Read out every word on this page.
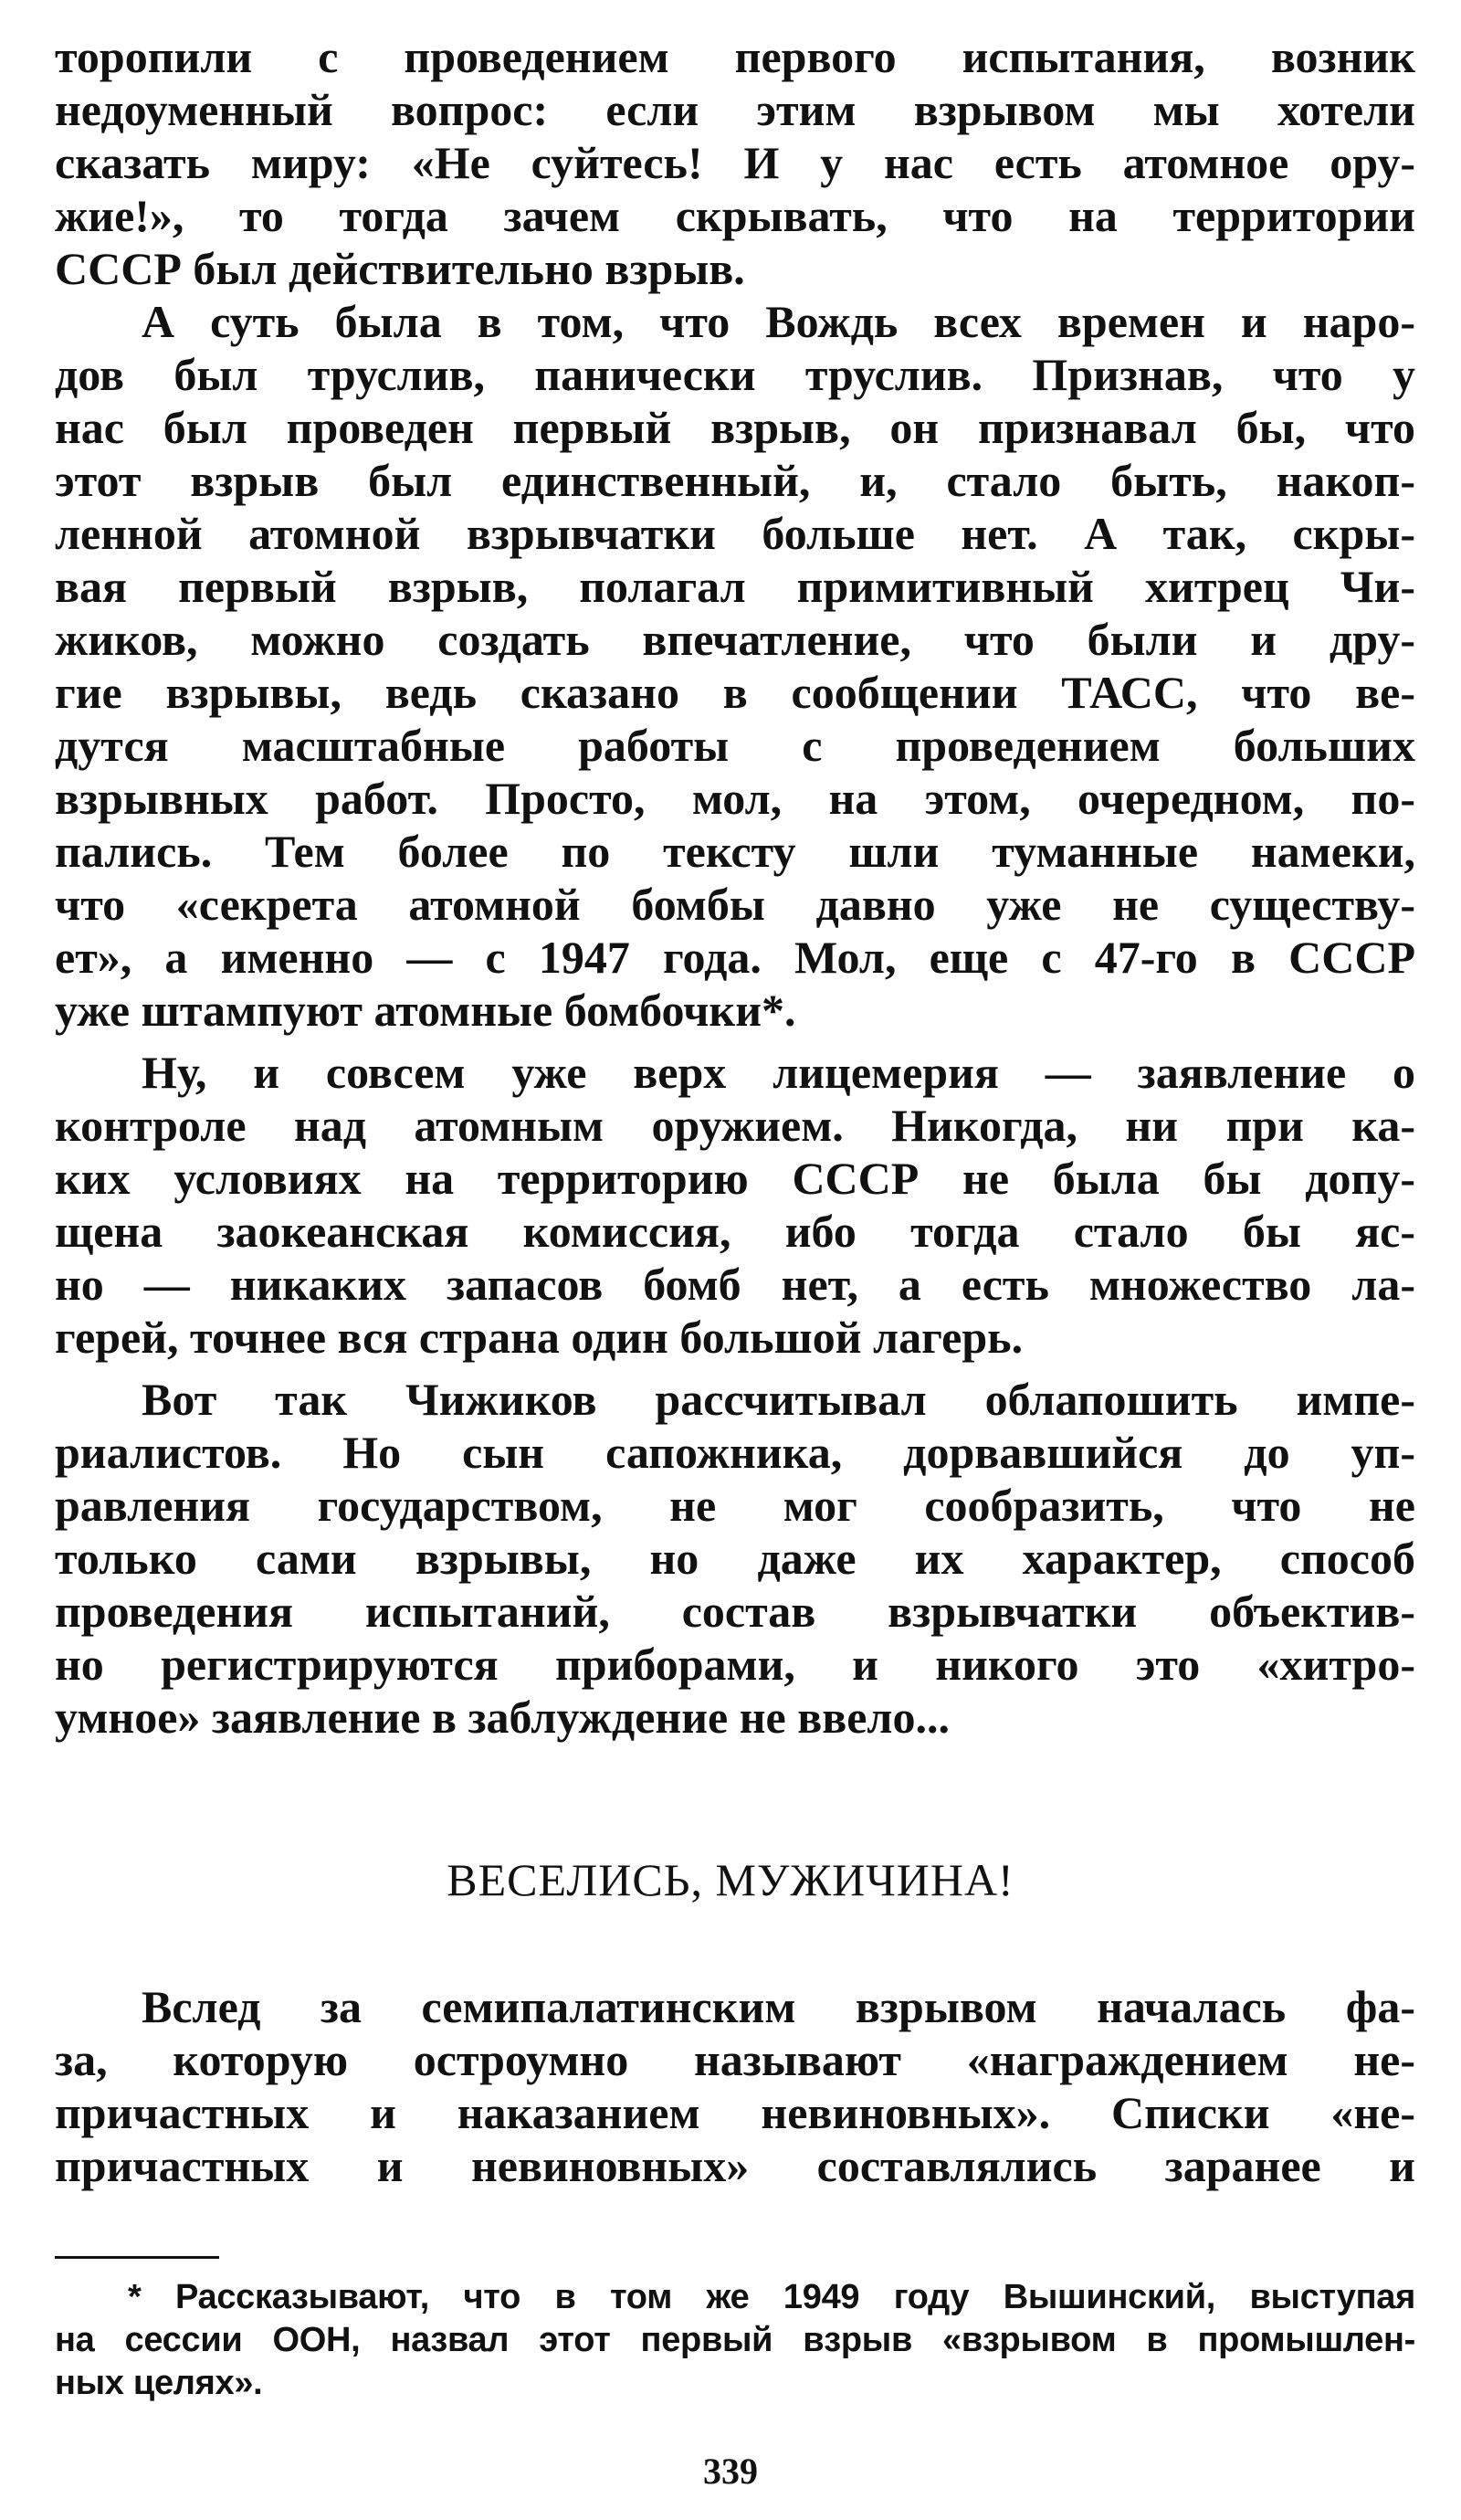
торопили с проведением первого испытания, возник
недоуменный вопрос: если этим взрывом мы хотели
сказать миру: «Не суйтесь! И у нас есть атомное ору-
жие!», то тогда зачем скрывать, что на территории
СССР был действительно взрыв.
А суть была в том, что Вождь всех времен и наро-
дов был труслив, панически труслив. Признав, что у
нас был проведен первый взрыв, он признавал бы, что
этот взрыв был единственный, и, стало быть, накоп-
ленной атомной взрывчатки больше нет. А так, скры-
вая первый взрыв, полагал примитивный хитрец Чи-
жиков, можно создать впечатление, что были и дру-
гие взрывы, ведь сказано в сообщении ТАСС, что ве-
дутся масштабные работы с проведением больших
взрывных работ. Просто, мол, на этом, очередном, по-
пались. Тем более по тексту шли туманные намеки,
что «секрета атомной бомбы давно уже не существу-
ет», а именно — с 1947 года. Мол, еще с 47-го в СССР
уже штампуют атомные бомбочки*.
Ну, и совсем уже верх лицемерия — заявление о
контроле над атомным оружием. Никогда, ни при ка-
ких условиях на территорию СССР не была бы допу-
щена заокеанская комиссия, ибо тогда стало бы яс-
но — никаких запасов бомб нет, а есть множество ла-
герей, точнее вся страна один большой лагерь.
Вот так Чижиков рассчитывал облапошить импе-
риалистов. Но сын сапожника, дорвавшийся до уп-
равления государством, не мог сообразить, что не
только сами взрывы, но даже их характер, способ
проведения испытаний, состав взрывчатки объектив-
но регистрируются приборами, и никого это «хитро-
умное» заявление в заблуждение не ввело...
ВЕСЕЛИСЬ, МУЖИЧИНА!
Вслед за семипалатинским взрывом началась фа-
за, которую остроумно называют «награждением не-
причастных и наказанием невиновных». Списки «не-
причастных и невиновных» составлялись заранее и
* Рассказывают, что в том же 1949 году Вышинский, выступая
на сессии ООН, назвал этот первый взрыв «взрывом в промышлен-
ных целях».
339
